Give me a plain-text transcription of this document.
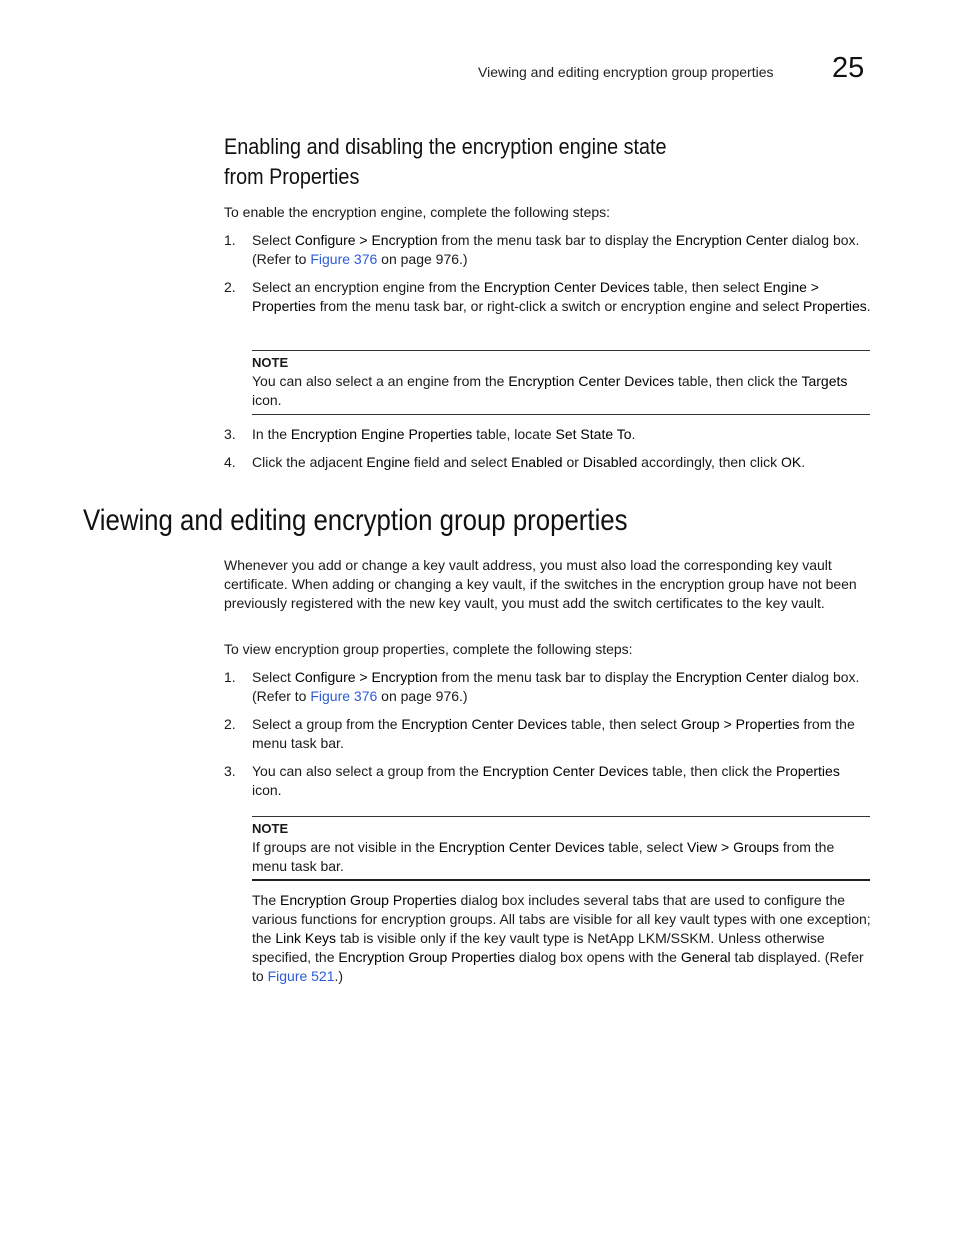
Viewing and editing encryption group properties 25
Enabling and disabling the encryption engine state
from Properties
To enable the encryption engine, complete the following steps:
1. Select Configure > Encryption from the menu task bar to display the Encryption Center dialog box. (Refer to Figure 376 on page 976.)
2. Select an encryption engine from the Encryption Center Devices table, then select Engine > Properties from the menu task bar, or right-click a switch or encryption engine and select Properties.
NOTE
You can also select a an engine from the Encryption Center Devices table, then click the Targets icon.
3. In the Encryption Engine Properties table, locate Set State To.
4. Click the adjacent Engine field and select Enabled or Disabled accordingly, then click OK.
Viewing and editing encryption group properties
Whenever you add or change a key vault address, you must also load the corresponding key vault certificate. When adding or changing a key vault, if the switches in the encryption group have not been previously registered with the new key vault, you must add the switch certificates to the key vault.
To view encryption group properties, complete the following steps:
1. Select Configure > Encryption from the menu task bar to display the Encryption Center dialog box. (Refer to Figure 376 on page 976.)
2. Select a group from the Encryption Center Devices table, then select Group > Properties from the menu task bar.
3. You can also select a group from the Encryption Center Devices table, then click the Properties icon.
NOTE
If groups are not visible in the Encryption Center Devices table, select View > Groups from the menu task bar.
The Encryption Group Properties dialog box includes several tabs that are used to configure the various functions for encryption groups. All tabs are visible for all key vault types with one exception; the Link Keys tab is visible only if the key vault type is NetApp LKM/SSKM. Unless otherwise specified, the Encryption Group Properties dialog box opens with the General tab displayed. (Refer to Figure 521.)
